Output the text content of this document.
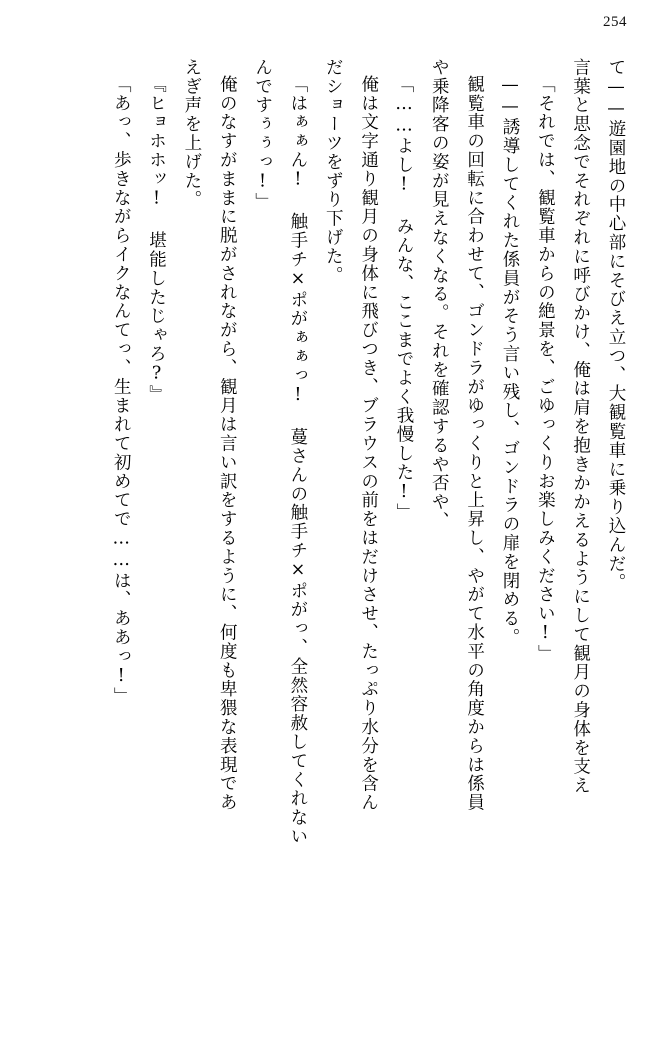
254

て——遊園地の中心部にそびえ立つ、大観覧車に乗り込んだ。

言葉と思念でそれぞれに呼びかけ、俺は肩を抱きかかえるようにして観月の身体を支え

「それでは、観覧車からの絶景を、ごゆっくりお楽しみください!」

——誘導してくれた係員がそう言い残し、ゴンドラの扉を閉める。

観覧車の回転に合わせて、ゴンドラがゆっくりと上昇し、やがて水平の角度からは係員

や乗降客の姿が見えなくなる。それを確認するや否や、

「……よし! みんな、ここまでよく我慢した!」

俺は文字通り観月の身体に飛びつき、ブラウスの前をはだけさせ、たっぷり水分を含ん

だショーツをずり下げた。

「はぁぁん! 触手チ×ポがぁぁっ! 蔓さんの触手チ×ポがっ、全然容赦してくれない

んですぅぅっ!」

俺のなすがままに脱がされながら、観月は言い訳をするように、何度も卑猥な表現であ

えぎ声を上げた。

『ヒョホホッ! 堪能したじゃろ?』

「あっ、歩きながらイクなんてっ、生まれて初めてで……は、ああっ!」
